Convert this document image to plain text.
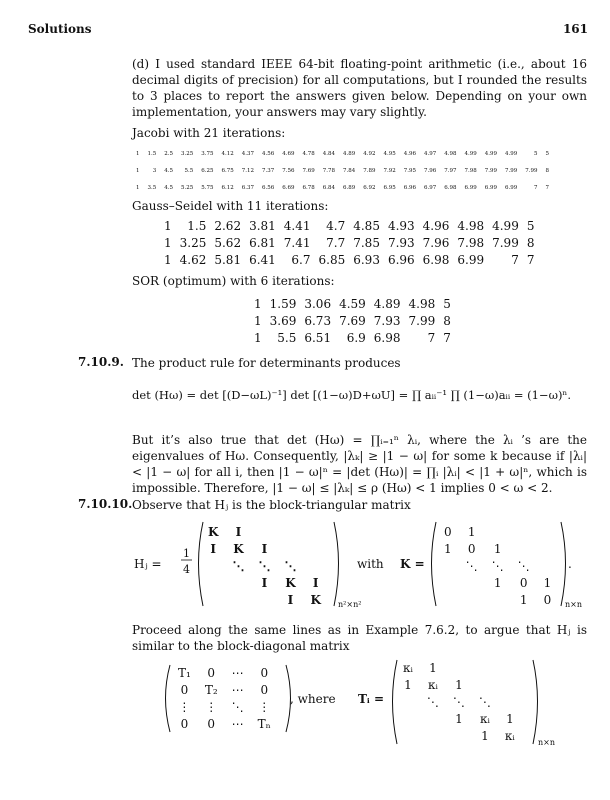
Solutions	161
(d) I used standard IEEE 64-bit floating-point arithmetic (i.e., about 16 decimal digits of precision) for all computations, but I rounded the results to 3 places to report the answers given below. Depending on your own implementation, your answers may vary slightly.
Jacobi with 21 iterations:
1	1.5	2.5	3.25	3.75	4.12	4.37	4.56	4.69	4.78	4.84	4.89	4.92	4.95	4.96	4.97	4.98	4.99	4.99	4.99	5	5
1	3	4.5	5.5	6.25	6.75	7.12	7.37	7.56	7.69	7.78	7.84	7.89	7.92	7.95	7.96	7.97	7.98	7.99	7.99	7.99	8
1	3.5	4.5	5.25	5.75	6.12	6.37	6.56	6.69	6.78	6.84	6.89	6.92	6.95	6.96	6.97	6.98	6.99	6.99	6.99	7	7
Gauss–Seidel with 11 iterations:
1	1.5	2.62	3.81	4.41	4.7	4.85	4.93	4.96	4.98	4.99	5
1	3.25	5.62	6.81	7.41	7.7	7.85	7.93	7.96	7.98	7.99	8
1	4.62	5.81	6.41	6.7	6.85	6.93	6.96	6.98	6.99	7	7
SOR (optimum) with 6 iterations:
1	1.59	3.06	4.59	4.89	4.98	5
1	3.69	6.73	7.69	7.93	7.99	8
1	5.5	6.51	6.9	6.98	7	7
7.10.9. The product rule for determinants produces
det (Hω) = det [(D−ωL)⁻¹] det [(1−ω)D+ωU] = ∏ aᵢᵢ⁻¹ ∏ (1−ω)aᵢᵢ = (1−ω)ⁿ.
But it’s also true that det (Hω) = ∏ᵢ₌₁ⁿ λᵢ, where the λᵢ ’s are the eigenvalues of Hω. Consequently, |λₖ| ≥ |1 − ω| for some k because if |λᵢ| < |1 − ω| for all i, then |1 − ω|ⁿ = |det (Hω)| = ∏ᵢ |λᵢ| < |1 + ω|ⁿ, which is impossible. Therefore, |1 − ω| ≤ |λₖ| ≤ ρ (Hω) < 1 implies 0 < ω < 2.
7.10.10. Observe that Hⱼ is the block-triangular matrix
Hⱼ =
1
4
K	I			
I	K	I		
	⋱	⋱	⋱	
		I	K	I
			I	K n²×n²
with K =
0	1			
1	0	1		
	⋱	⋱	⋱	
		1	0	1
			1	0 n×n
.
Proceed along the same lines as in Example 7.6.2, to argue that Hⱼ is similar to the block-diagonal matrix
T₁	0	⋯	0
0	T₂	⋯	0
⋮	⋮	⋱	⋮
0	0	⋯	Tₙ
, where Tᵢ =
κᵢ	1			
1	κᵢ	1		
	⋱	⋱	⋱	
		1	κᵢ	1
			1	κᵢ	n×n
